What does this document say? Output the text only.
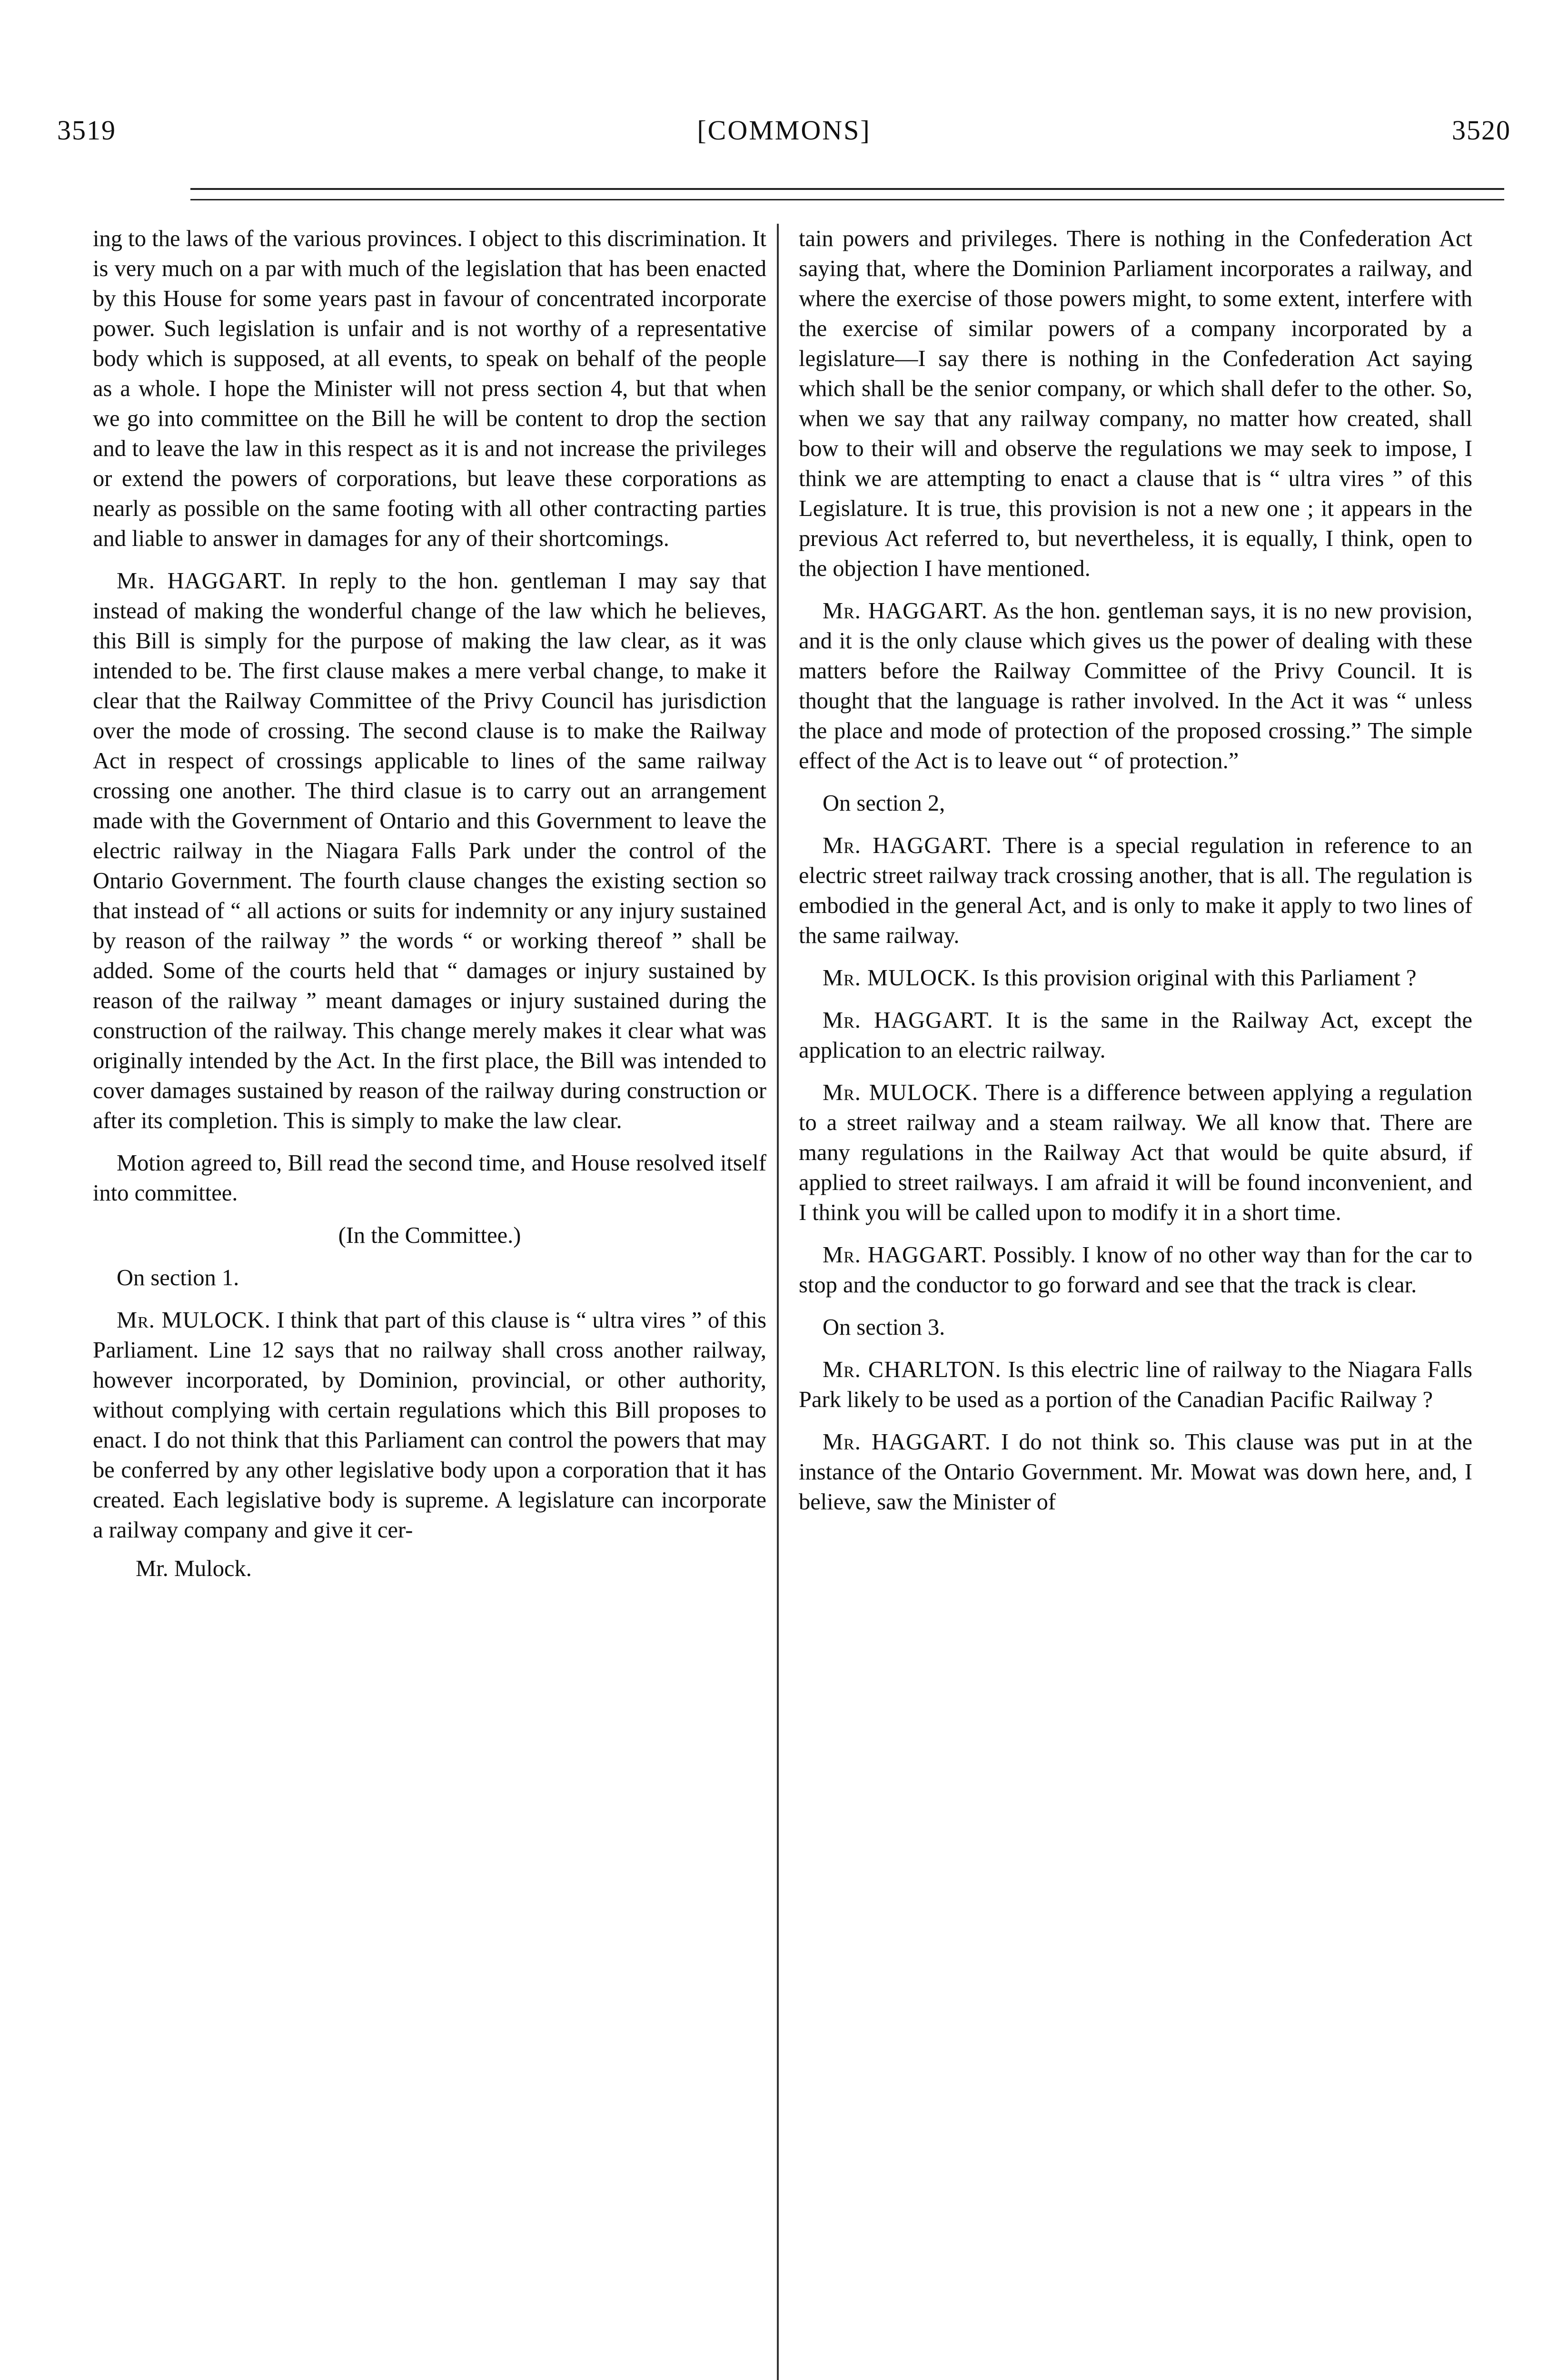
3519	[COMMONS]	3520

ing to the laws of the various provinces. I object to this discrimination. It is very much on a par with much of the legislation that has been enacted by this House for some years past in favour of concentrated incorporate power. Such legislation is unfair and is not worthy of a representative body which is supposed, at all events, to speak on behalf of the people as a whole. I hope the Minister will not press section 4, but that when we go into committee on the Bill he will be content to drop the section and to leave the law in this respect as it is and not increase the privileges or extend the powers of corporations, but leave these corporations as nearly as possible on the same footing with all other contracting parties and liable to answer in damages for any of their shortcomings.

Mr. HAGGART. In reply to the hon. gentleman I may say that instead of making the wonderful change of the law which he believes, this Bill is simply for the purpose of making the law clear, as it was intended to be. The first clause makes a mere verbal change, to make it clear that the Railway Committee of the Privy Council has jurisdiction over the mode of crossing. The second clause is to make the Railway Act in respect of crossings applicable to lines of the same railway crossing one another. The third clasue is to carry out an arrangement made with the Government of Ontario and this Government to leave the electric railway in the Niagara Falls Park under the control of the Ontario Government. The fourth clause changes the existing section so that instead of “ all actions or suits for indemnity or any injury sustained by reason of the railway ” the words “ or working thereof ” shall be added. Some of the courts held that “ damages or injury sustained by reason of the railway ” meant damages or injury sustained during the construction of the railway. This change merely makes it clear what was originally intended by the Act. In the first place, the Bill was intended to cover damages sustained by reason of the railway during construction or after its completion. This is simply to make the law clear.

Motion agreed to, Bill read the second time, and House resolved itself into committee.

(In the Committee.)

On section 1.

Mr. MULOCK. I think that part of this clause is “ ultra vires ” of this Parliament. Line 12 says that no railway shall cross another railway, however incorporated, by Dominion, provincial, or other authority, without complying with certain regulations which this Bill proposes to enact. I do not think that this Parliament can control the powers that may be conferred by any other legislative body upon a corporation that it has created. Each legislative body is supreme. A legislature can incorporate a railway company and give it cer-

Mr. Mulock.

tain powers and privileges. There is nothing in the Confederation Act saying that, where the Dominion Parliament incorporates a railway, and where the exercise of those powers might, to some extent, interfere with the exercise of similar powers of a company incorporated by a legislature—I say there is nothing in the Confederation Act saying which shall be the senior company, or which shall defer to the other. So, when we say that any railway company, no matter how created, shall bow to their will and observe the regulations we may seek to impose, I think we are attempting to enact a clause that is “ ultra vires ” of this Legislature. It is true, this provision is not a new one ; it appears in the previous Act referred to, but nevertheless, it is equally, I think, open to the objection I have mentioned.

Mr. HAGGART. As the hon. gentleman says, it is no new provision, and it is the only clause which gives us the power of dealing with these matters before the Railway Committee of the Privy Council. It is thought that the language is rather involved. In the Act it was “ unless the place and mode of protection of the proposed crossing.” The simple effect of the Act is to leave out “ of protection.”

On section 2,

Mr. HAGGART. There is a special regulation in reference to an electric street railway track crossing another, that is all. The regulation is embodied in the general Act, and is only to make it apply to two lines of the same railway.

Mr. MULOCK. Is this provision original with this Parliament ?

Mr. HAGGART. It is the same in the Railway Act, except the application to an electric railway.

Mr. MULOCK. There is a difference between applying a regulation to a street railway and a steam railway. We all know that. There are many regulations in the Railway Act that would be quite absurd, if applied to street railways. I am afraid it will be found inconvenient, and I think you will be called upon to modify it in a short time.

Mr. HAGGART. Possibly. I know of no other way than for the car to stop and the conductor to go forward and see that the track is clear.

On section 3.

Mr. CHARLTON. Is this electric line of railway to the Niagara Falls Park likely to be used as a portion of the Canadian Pacific Railway ?

Mr. HAGGART. I do not think so. This clause was put in at the instance of the Ontario Government. Mr. Mowat was down here, and, I believe, saw the Minister of
